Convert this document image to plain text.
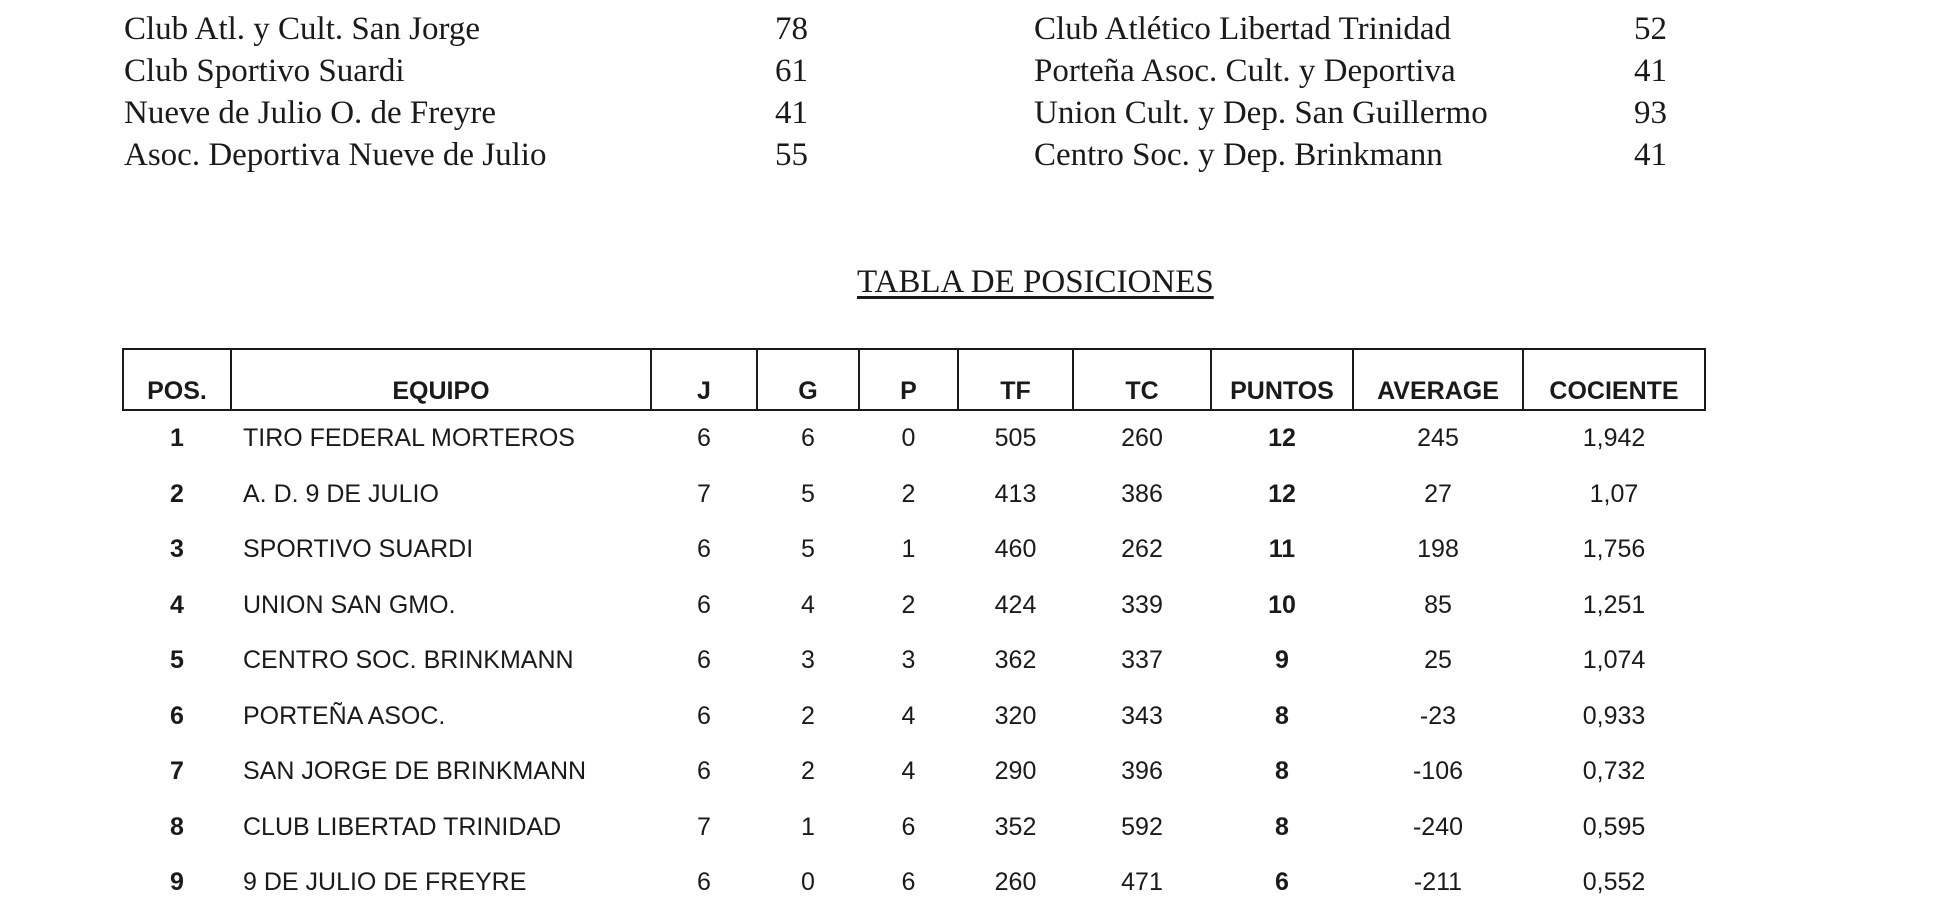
Club Atl. y Cult. San Jorge	78
Club Sportivo Suardi	61
Nueve de Julio O. de Freyre	41
Asoc. Deportiva Nueve de Julio	55
Club Atlético Libertad Trinidad	52
Porteña Asoc. Cult. y Deportiva	41
Union Cult. y Dep. San Guillermo	93
Centro Soc. y Dep. Brinkmann	41
TABLA DE POSICIONES
POS.	EQUIPO	J	G	P	TF	TC	PUNTOS	AVERAGE	COCIENTE
1	TIRO FEDERAL MORTEROS	6	6	0	505	260	12	245	1,942
2	A. D. 9 DE JULIO	7	5	2	413	386	12	27	1,07
3	SPORTIVO SUARDI	6	5	1	460	262	11	198	1,756
4	UNION SAN GMO.	6	4	2	424	339	10	85	1,251
5	CENTRO SOC. BRINKMANN	6	3	3	362	337	9	25	1,074
6	PORTEÑA ASOC.	6	2	4	320	343	8	-23	0,933
7	SAN JORGE DE BRINKMANN	6	2	4	290	396	8	-106	0,732
8	CLUB LIBERTAD TRINIDAD	7	1	6	352	592	8	-240	0,595
9	9 DE JULIO DE FREYRE	6	0	6	260	471	6	-211	0,552
